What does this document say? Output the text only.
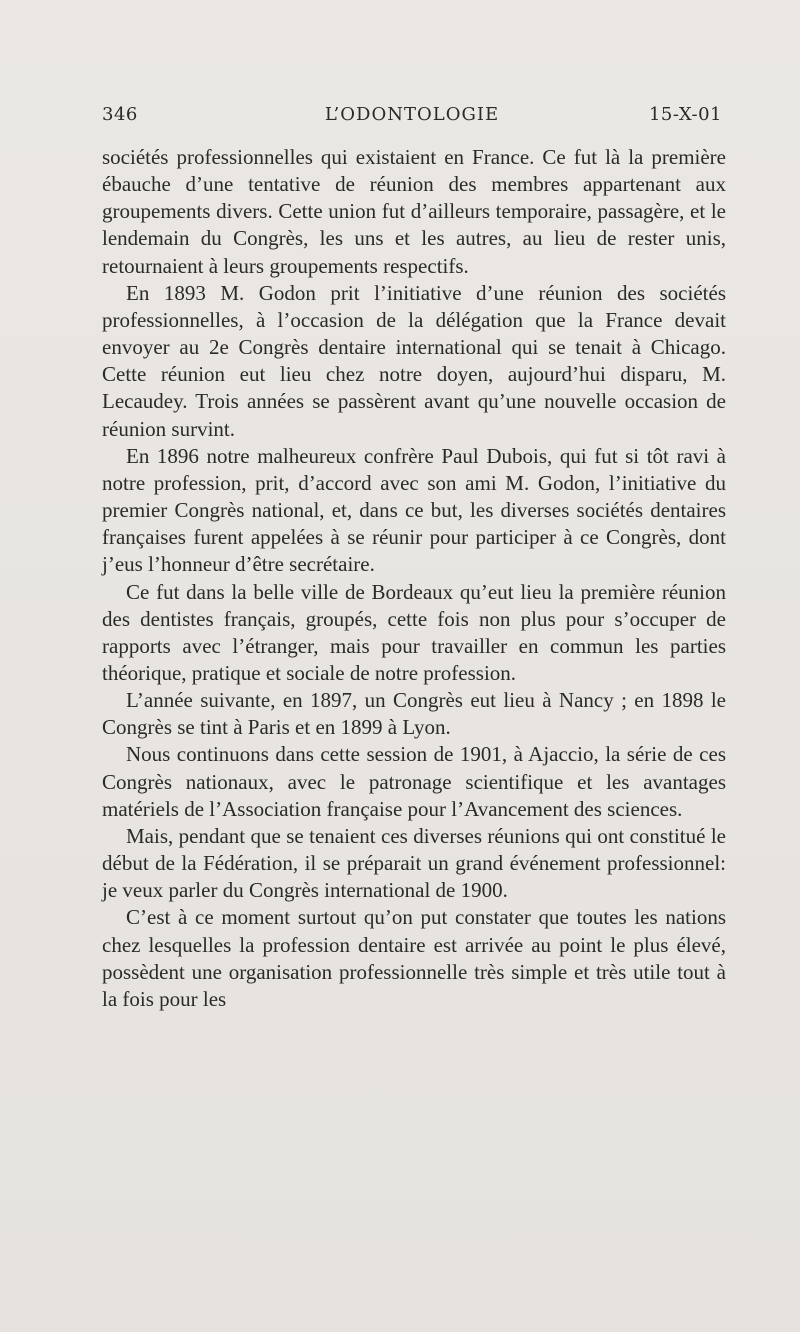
346	L’ODONTOLOGIE	15-X-01

sociétés professionnelles qui existaient en France. Ce fut là la première ébauche d’une tentative de réunion des membres appartenant aux groupements divers. Cette union fut d’ailleurs temporaire, passagère, et le lendemain du Congrès, les uns et les autres, au lieu de rester unis, retournaient à leurs groupements respectifs.

En 1893 M. Godon prit l’initiative d’une réunion des sociétés professionnelles, à l’occasion de la délégation que la France devait envoyer au 2e Congrès dentaire international qui se tenait à Chicago. Cette réunion eut lieu chez notre doyen, aujourd’hui disparu, M. Lecaudey. Trois années se passèrent avant qu’une nouvelle occasion de réunion survint.

En 1896 notre malheureux confrère Paul Dubois, qui fut si tôt ravi à notre profession, prit, d’accord avec son ami M. Godon, l’initiative du premier Congrès national, et, dans ce but, les diverses sociétés dentaires françaises furent appelées à se réunir pour participer à ce Congrès, dont j’eus l’honneur d’être secrétaire.

Ce fut dans la belle ville de Bordeaux qu’eut lieu la première réunion des dentistes français, groupés, cette fois non plus pour s’occuper de rapports avec l’étranger, mais pour travailler en commun les parties théorique, pratique et sociale de notre profession.

L’année suivante, en 1897, un Congrès eut lieu à Nancy ; en 1898 le Congrès se tint à Paris et en 1899 à Lyon.

Nous continuons dans cette session de 1901, à Ajaccio, la série de ces Congrès nationaux, avec le patronage scientifique et les avantages matériels de l’Association française pour l’Avancement des sciences.

Mais, pendant que se tenaient ces diverses réunions qui ont constitué le début de la Fédération, il se préparait un grand événement professionnel: je veux parler du Congrès international de 1900.

C’est à ce moment surtout qu’on put constater que toutes les nations chez lesquelles la profession dentaire est arrivée au point le plus élevé, possèdent une organisation professionnelle très simple et très utile tout à la fois pour les
